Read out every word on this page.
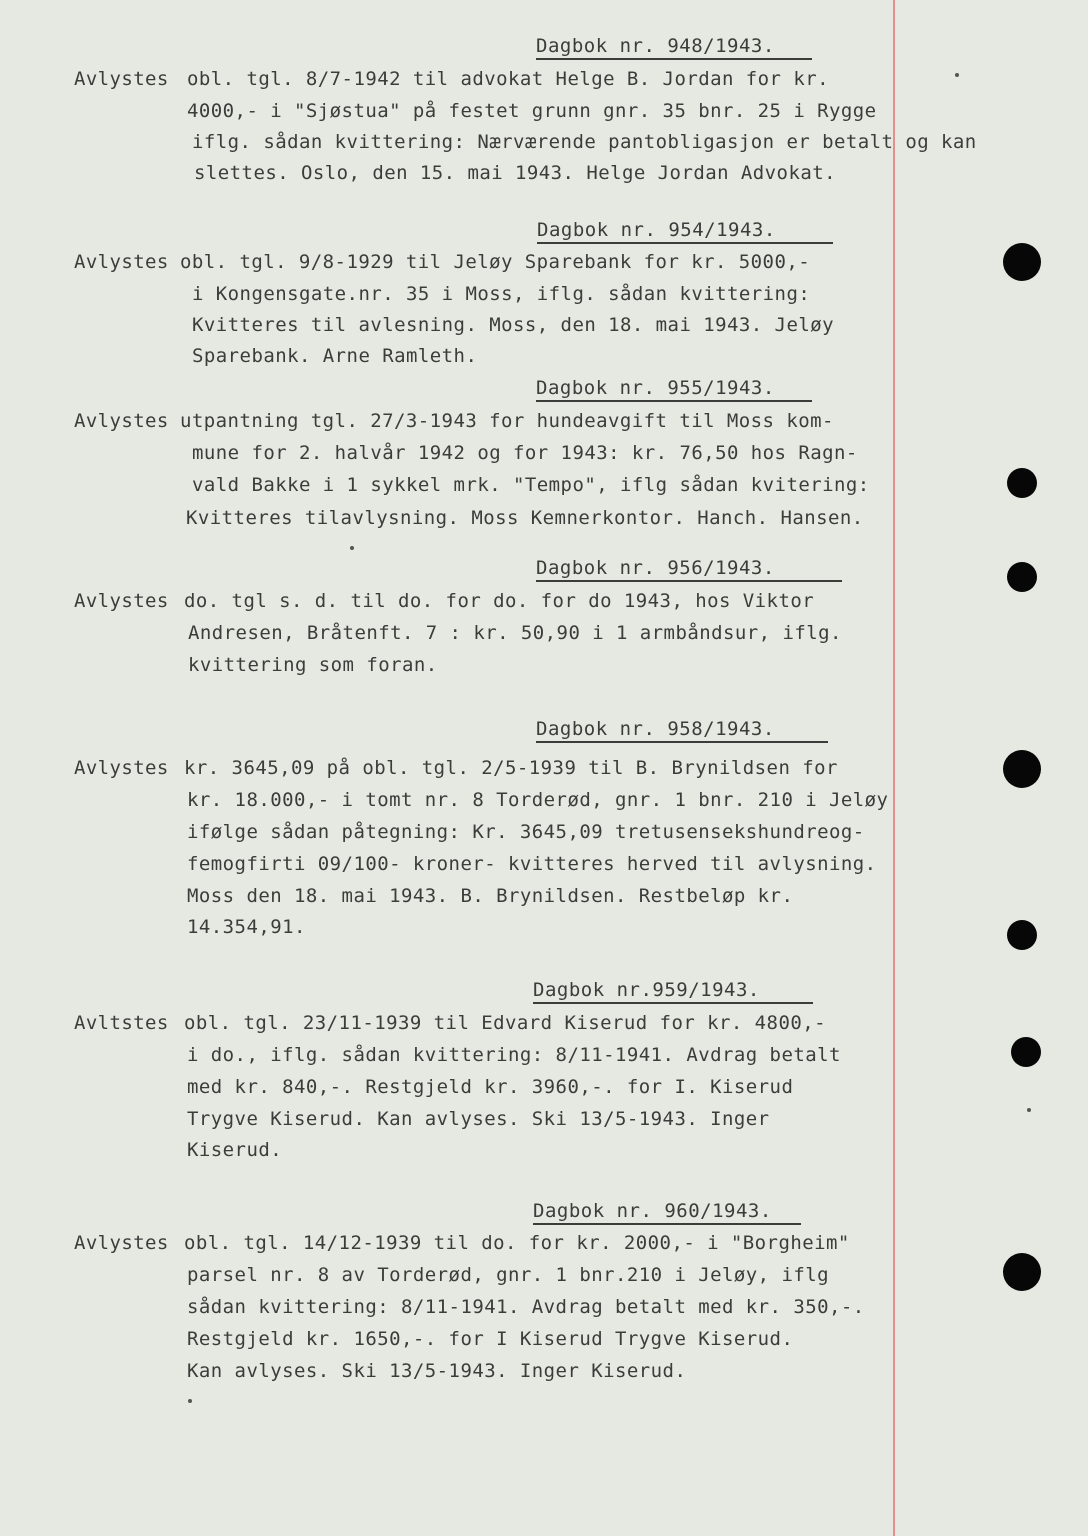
Dagbok nr. 948/1943.
Avlystes obl. tgl. 8/7-1942 til advokat Helge B. Jordan for kr.
4000,- i "Sjøstua" på festet grunn gnr. 35 bnr. 25 i Rygge
iflg. sådan kvittering: Nærværende pantobligasjon er betalt og kan
slettes. Oslo, den 15. mai 1943. Helge Jordan Advokat.
Dagbok nr. 954/1943.
Avlystes obl. tgl. 9/8-1929 til Jeløy Sparebank for kr. 5000,-
i Kongensgate.nr. 35 i Moss, iflg. sådan kvittering:
Kvitteres til avlesning. Moss, den 18. mai 1943. Jeløy
Sparebank. Arne Ramleth.
Dagbok nr. 955/1943.
Avlystes utpantning tgl. 27/3-1943 for hundeavgift til Moss kom-
mune for 2. halvår 1942 og for 1943: kr. 76,50 hos Ragn-
vald Bakke i 1 sykkel mrk. "Tempo", iflg sådan kvitering:
Kvitteres tilavlysning. Moss Kemnerkontor. Hanch. Hansen.
Dagbok nr. 956/1943.
Avlystes do. tgl s. d. til do. for do. for do 1943, hos Viktor
Andresen, Bråtenft. 7 : kr. 50,90 i 1 armbåndsur, iflg.
kvittering som foran.
Dagbok nr. 958/1943.
Avlystes kr. 3645,09 på obl. tgl. 2/5-1939 til B. Brynildsen for
kr. 18.000,- i tomt nr. 8 Torderød, gnr. 1 bnr. 210 i Jeløy
ifølge sådan påtegning: Kr. 3645,09 tretusensekshundreog-
femogfirti 09/100- kroner- kvitteres herved til avlysning.
Moss den 18. mai 1943. B. Brynildsen. Restbeløp kr.
14.354,91.
Dagbok nr.959/1943.
Avltstes obl. tgl. 23/11-1939 til Edvard Kiserud for kr. 4800,-
i do., iflg. sådan kvittering: 8/11-1941. Avdrag betalt
med kr. 840,-. Restgjeld kr. 3960,-. for I. Kiserud
Trygve Kiserud. Kan avlyses. Ski 13/5-1943. Inger
Kiserud.
Dagbok nr. 960/1943.
Avlystes obl. tgl. 14/12-1939 til do. for kr. 2000,- i "Borgheim"
parsel nr. 8 av Torderød, gnr. 1 bnr.210 i Jeløy, iflg
sådan kvittering: 8/11-1941. Avdrag betalt med kr. 350,-.
Restgjeld kr. 1650,-. for I Kiserud Trygve Kiserud.
Kan avlyses. Ski 13/5-1943. Inger Kiserud.
